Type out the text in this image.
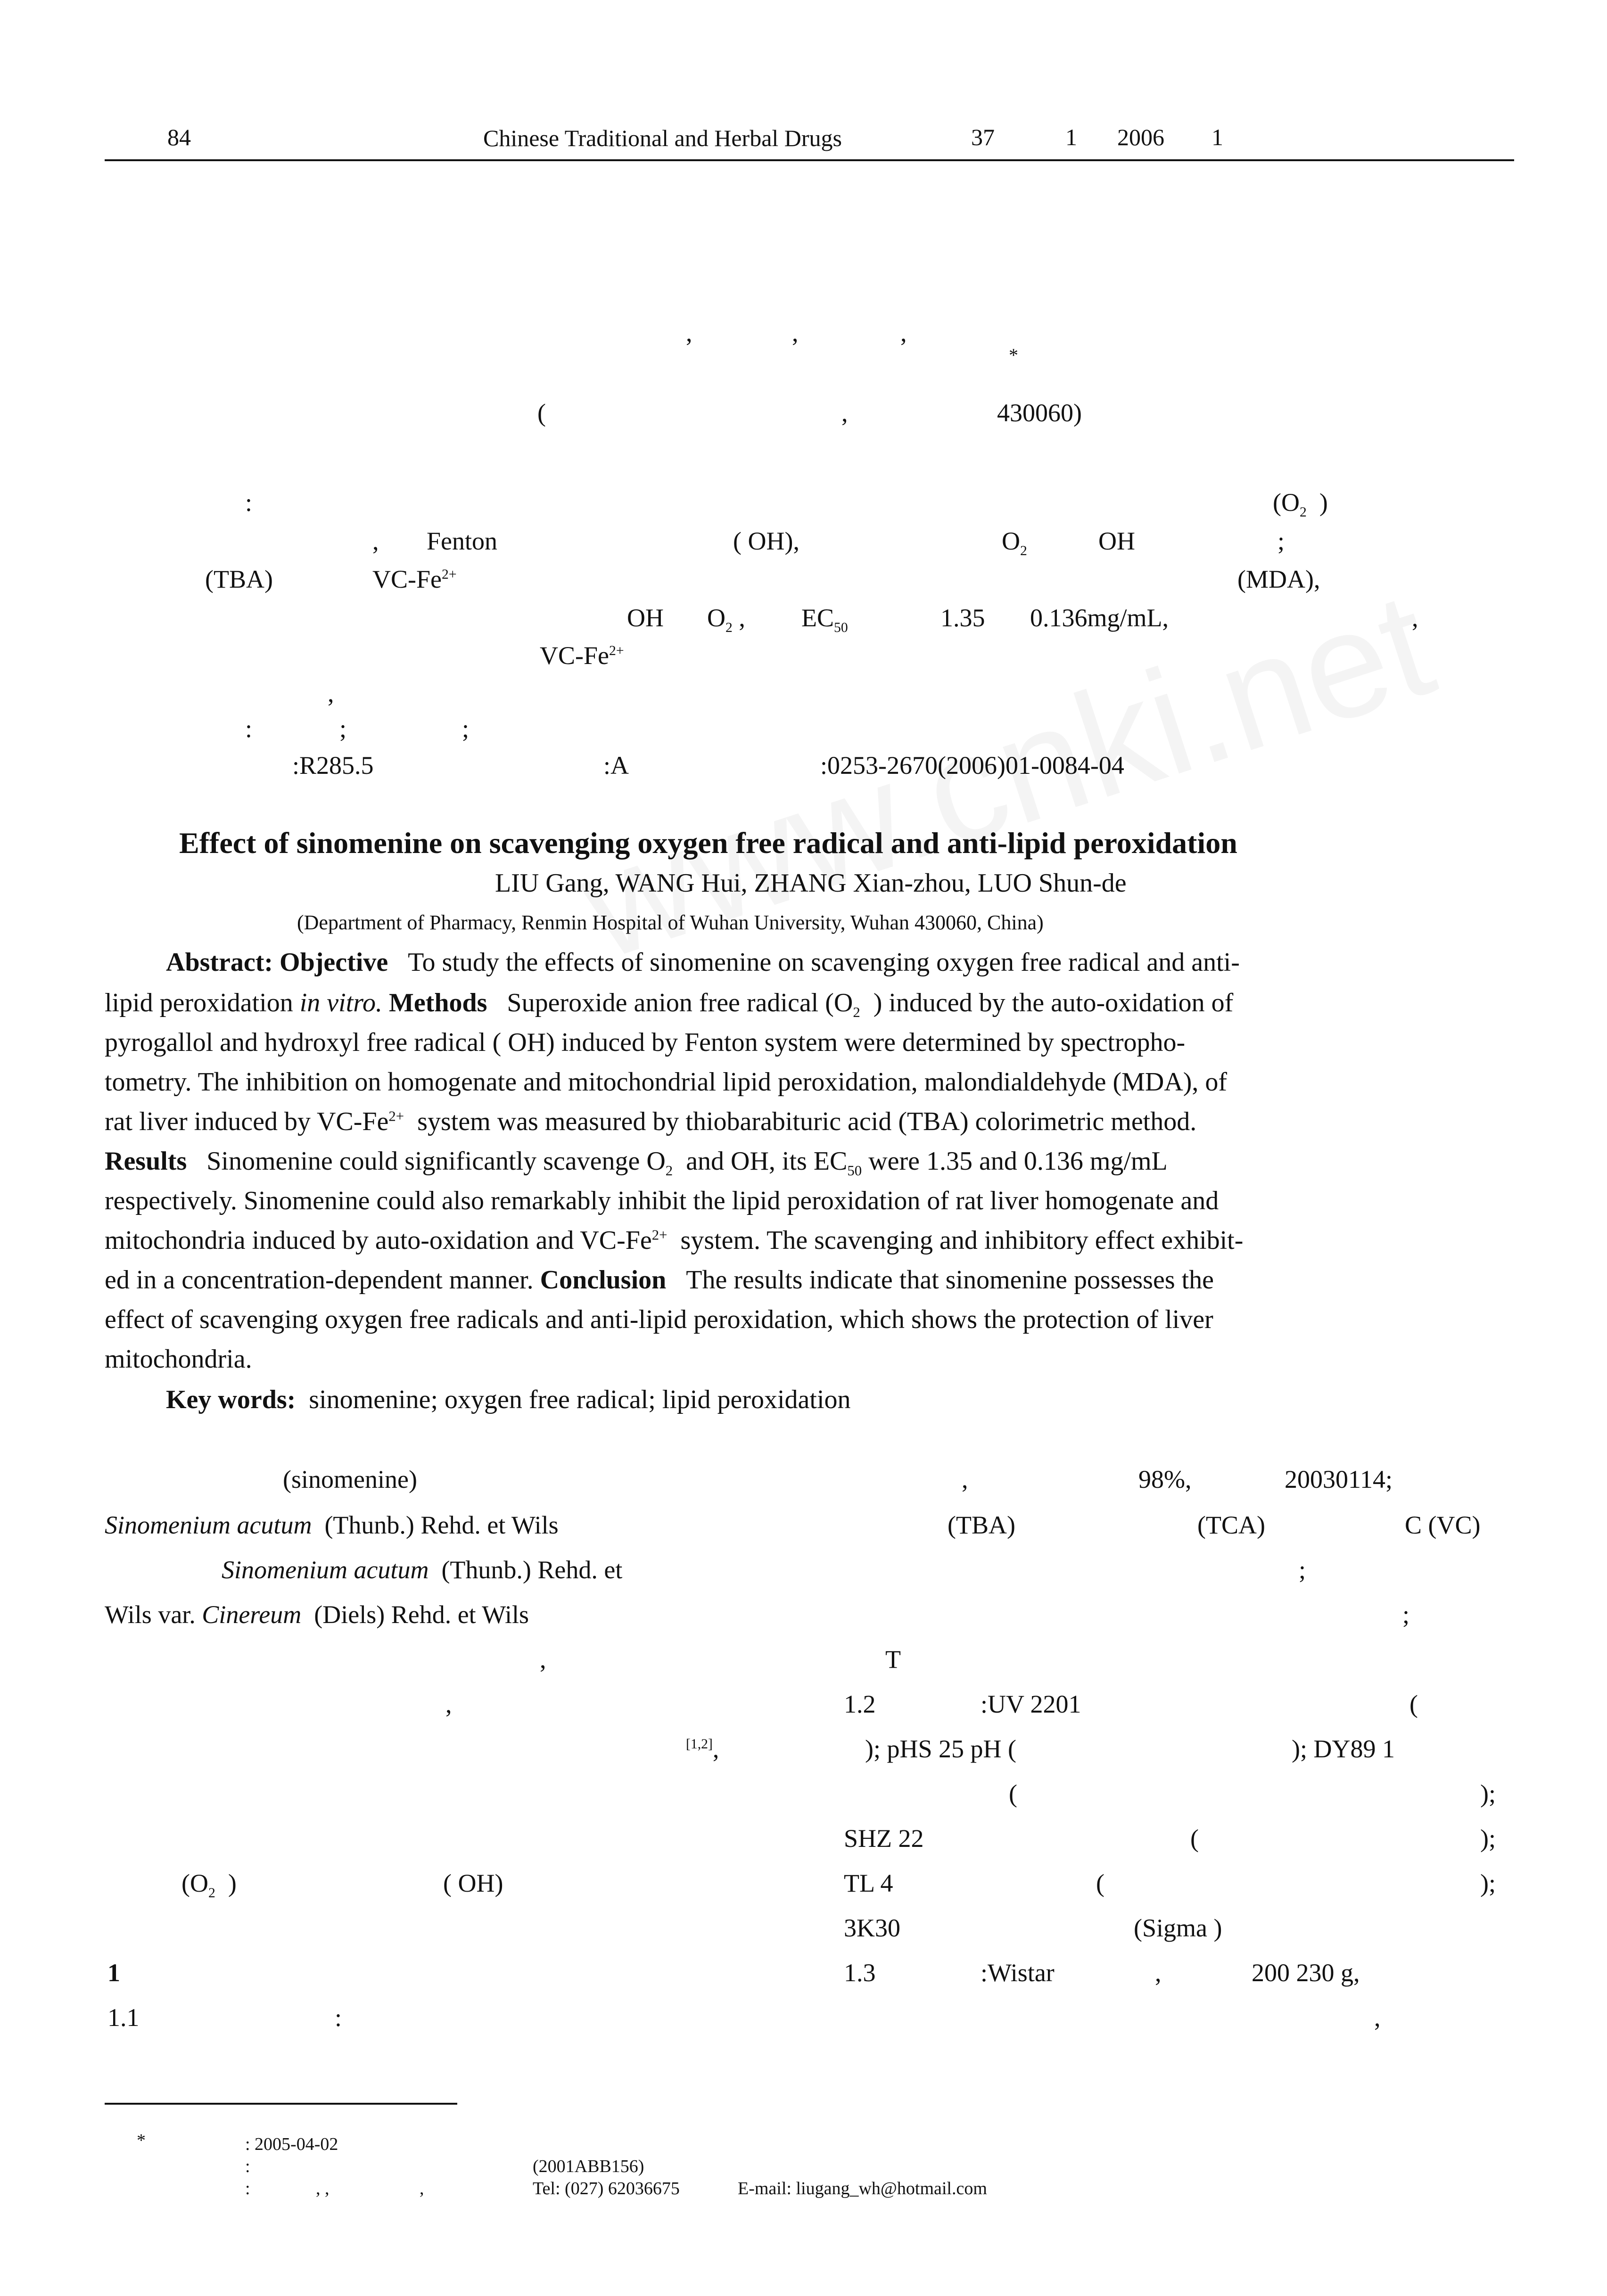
84	Chinese Traditional and Herbal Drugs	37	1 2006 1
*
,	,	,
(	,	430060)
:	($O_2$ )
, Fenton	( OH),	$O_2$	OH	;
(TBA)	$VC-Fe^{2+}$	(MDA),
OH $O_2$ , $EC_{50}$	1.35 0.136mg/mL,	,
$VC-Fe^{2+}$
,
:	;	;
:R285.5	:A	:0253-2670(2006)01-0084-04
Effect of sinomenine on scavenging oxygen free radical and anti-lipid peroxidation
LIU Gang, WANG Hui, ZHANG Xian-zhou, LUO Shun-de
(Department of Pharmacy, Renmin Hospital of Wuhan University, Wuhan 430060, China)
Abstract: Objective To study the effects of sinomenine on scavenging oxygen free radical and anti-
lipid peroxidation in vitro. Methods Superoxide anion free radical ($O_2$ ) induced by the auto-oxidation of
pyrogallol and hydroxyl free radical ( OH) induced by Fenton system were determined by spectropho-
tometry. The inhibition on homogenate and mitochondrial lipid peroxidation, malondialdehyde (MDA), of
rat liver induced by $VC-Fe^{2+}$ system was measured by thiobarabituric acid (TBA) colorimetric method.
Results Sinomenine could significantly scavenge $O_2$ and OH, its $EC_{50}$ were 1.35 and 0.136 mg/mL
respectively. Sinomenine could also remarkably inhibit the lipid peroxidation of rat liver homogenate and
mitochondria induced by auto-oxidation and $VC-Fe^{2+}$ system. The scavenging and inhibitory effect exhibit-
ed in a concentration-dependent manner. Conclusion The results indicate that sinomenine possesses the
effect of scavenging oxygen free radicals and anti-lipid peroxidation, which shows the protection of liver
mitochondria.
Key words: sinomenine; oxygen free radical; lipid peroxidation
(sinomenine)
Sinomenium acutum (Thunb.) Rehd. et Wils
Sinomenium acutum (Thunb.) Rehd. et
Wils var. Cinereum (Diels) Rehd. et Wils
,
,
[1,2],
($O_2$ )	( OH)
1
1.1	:
,	98%,	20030114;
(TBA)	(TCA)	C (VC)
;
;
T
1.2	:UV 2201	(
); pHS 25 pH (	); DY89 1
(	);
SHZ 22	(	);
TL 4	(	);
3K30	(Sigma )
1.3	:Wistar	,	200 230 g,
,
*	: 2005-04-02
:	(2001ABB156)
:	, ,	,	Tel: (027) 62036675	E-mail: liugang_wh@hotmail.com
